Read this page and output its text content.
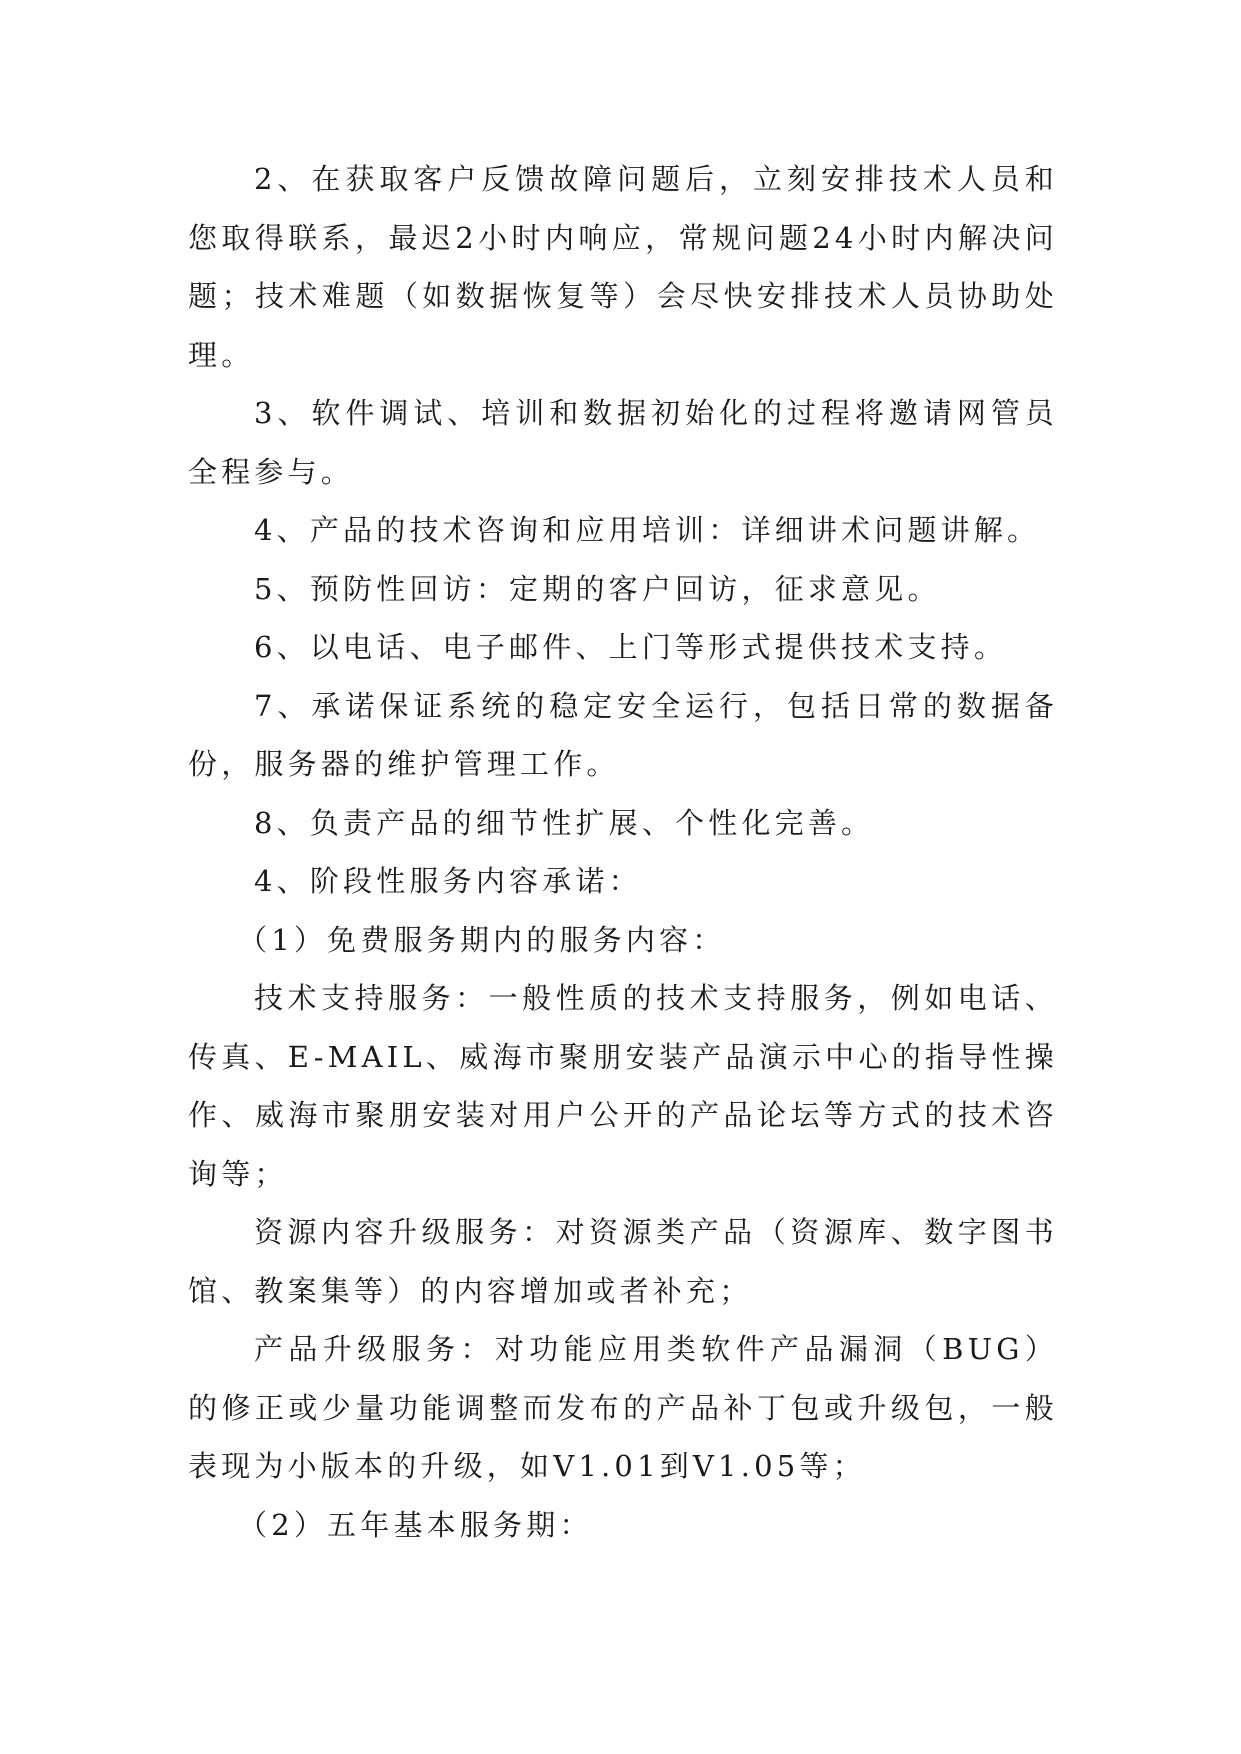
2、在获取客户反馈故障问题后，立刻安排技术人员和您取得联系，最迟2小时内响应，常规问题24小时内解决问题；技术难题（如数据恢复等）会尽快安排技术人员协助处理。

3、软件调试、培训和数据初始化的过程将邀请网管员全程参与。

4、产品的技术咨询和应用培训：详细讲术问题讲解。

5、预防性回访：定期的客户回访，征求意见。

6、以电话、电子邮件、上门等形式提供技术支持。

7、承诺保证系统的稳定安全运行，包括日常的数据备份，服务器的维护管理工作。

8、负责产品的细节性扩展、个性化完善。

4、阶段性服务内容承诺：

（1）免费服务期内的服务内容：

技术支持服务：一般性质的技术支持服务，例如电话、传真、E-MAIL、威海市聚朋安装产品演示中心的指导性操作、威海市聚朋安装对用户公开的产品论坛等方式的技术咨询等；

资源内容升级服务：对资源类产品（资源库、数字图书馆、教案集等）的内容增加或者补充；

产品升级服务：对功能应用类软件产品漏洞（BUG）的修正或少量功能调整而发布的产品补丁包或升级包，一般表现为小版本的升级，如V1.01到V1.05等；

（2）五年基本服务期：
